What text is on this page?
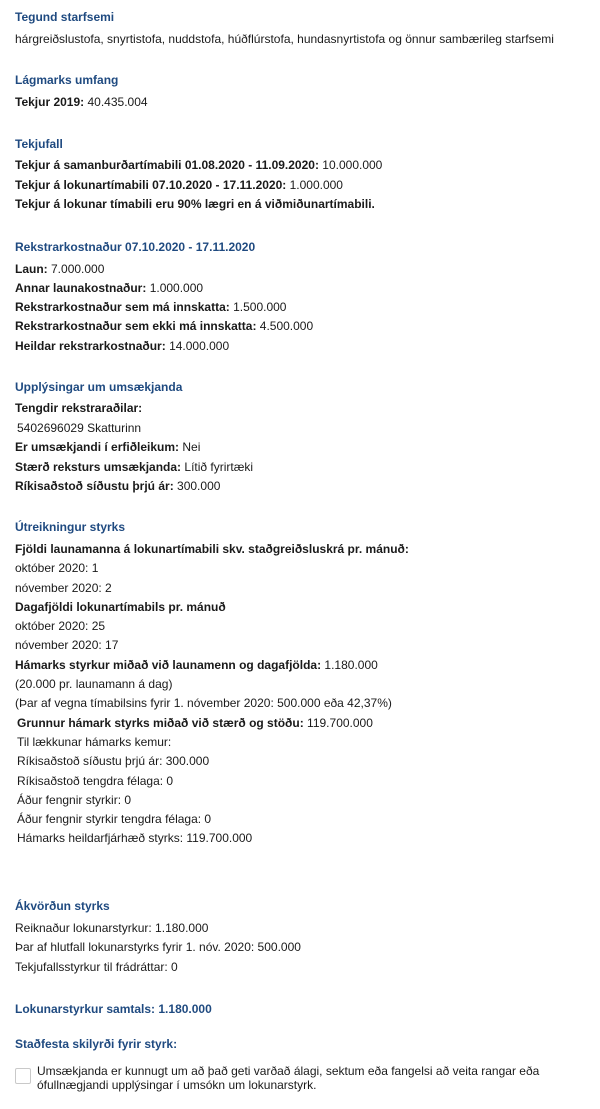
Tegund starfsemi
hárgreiðslustofa, snyrtistofa, nuddstofa, húðflúrstofa, hundasnyrtistofa og önnur sambærileg starfsemi
Lágmarks umfang
Tekjur 2019: 40.435.004
Tekjufall
Tekjur á samanburðartímabili 01.08.2020 - 11.09.2020: 10.000.000
Tekjur á lokunartímabili 07.10.2020 - 17.11.2020: 1.000.000
Tekjur á lokunar tímabili eru 90% lægri en á viðmiðunartímabili.
Rekstrarkostnaður 07.10.2020 - 17.11.2020
Laun: 7.000.000
Annar launakostnaður: 1.000.000
Rekstrarkostnaður sem má innskatta: 1.500.000
Rekstrarkostnaður sem ekki má innskatta: 4.500.000
Heildar rekstrarkostnaður: 14.000.000
Upplýsingar um umsækjanda
Tengdir rekstraraðilar:
5402696029 Skatturinn
Er umsækjandi í erfiðleikum: Nei
Stærð reksturs umsækjanda: Lítið fyrirtæki
Ríkisaðstoð síðustu þrjú ár: 300.000
Útreikningur styrks
Fjöldi launamanna á lokunartímabili skv. staðgreiðsluskrá pr. mánuð:
október 2020: 1
nóvember 2020: 2
Dagafjöldi lokunartímabils pr. mánuð
október 2020: 25
nóvember 2020: 17
Hámarks styrkur miðað við launamenn og dagafjölda: 1.180.000
(20.000 pr. launamann á dag)
(Þar af vegna tímabilsins fyrir 1. nóvember 2020: 500.000 eða 42,37%)
Grunnur hámark styrks miðað við stærð og stöðu: 119.700.000
Til lækkunar hámarks kemur:
Ríkisaðstoð síðustu þrjú ár: 300.000
Ríkisaðstoð tengdra félaga: 0
Áður fengnir styrkir: 0
Áður fengnir styrkir tengdra félaga: 0
Hámarks heildarfjárhæð styrks: 119.700.000
Ákvörðun styrks
Reiknaður lokunarstyrkur: 1.180.000
Þar af hlutfall lokunarstyrks fyrir 1. nóv. 2020: 500.000
Tekjufallsstyrkur til frádráttar: 0
Lokunarstyrkur samtals: 1.180.000
Staðfesta skilyrði fyrir styrk:
Umsækjanda er kunnugt um að það geti varðað álagi, sektum eða fangelsi að veita rangar eða ófullnægjandi upplýsingar í umsókn um lokunarstyrk.
